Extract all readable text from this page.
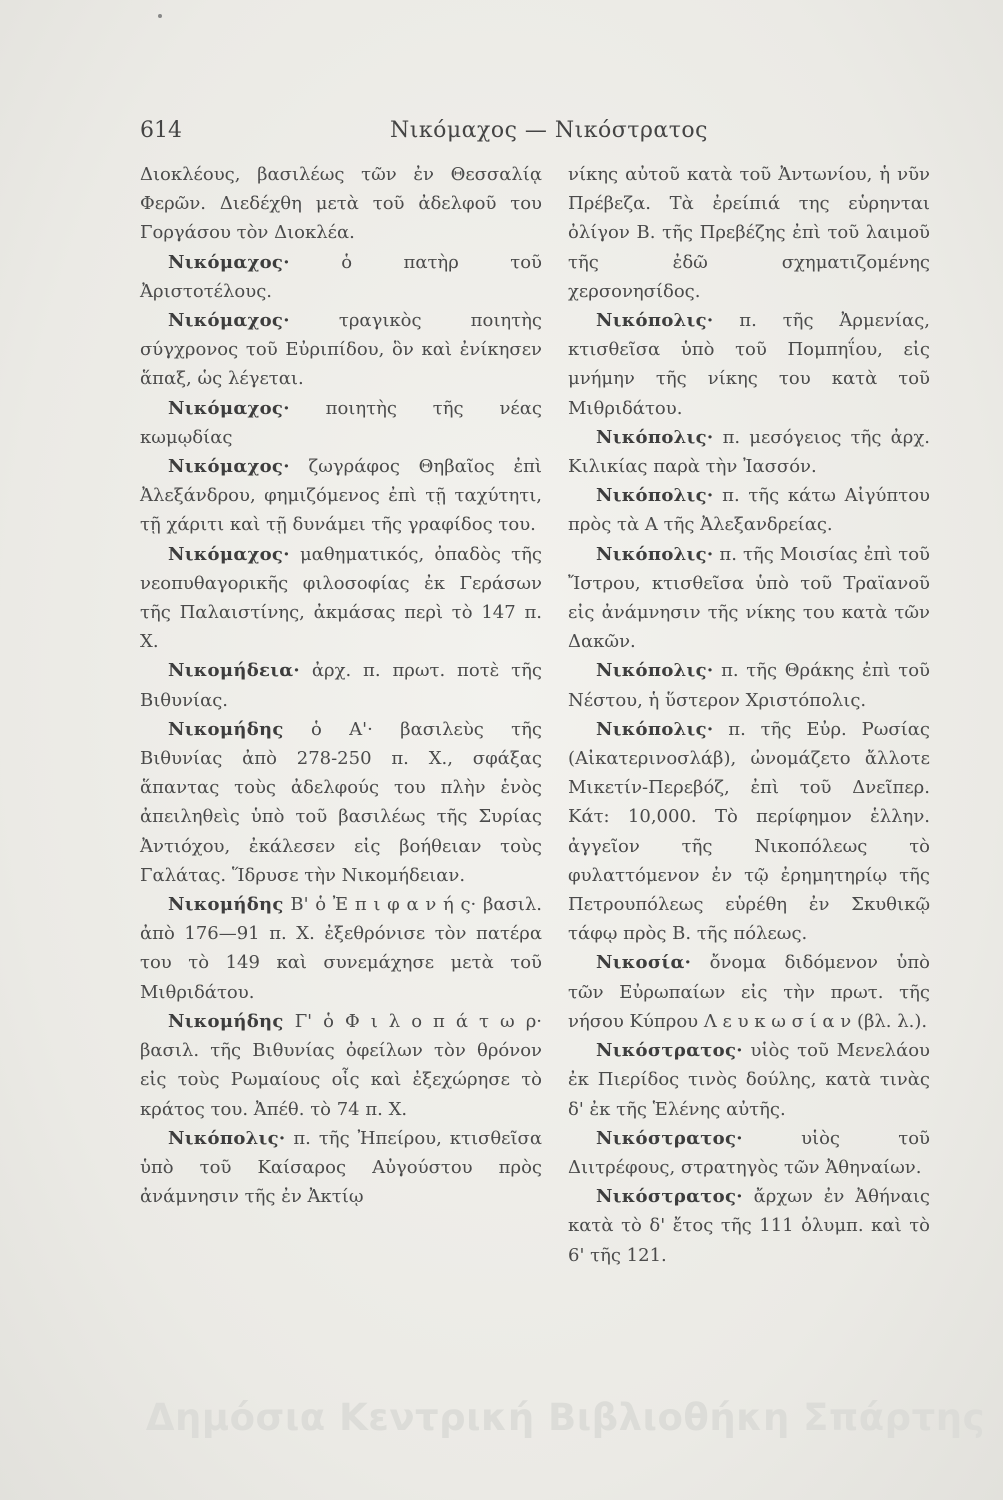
614	Νικόμαχος — Νικόστρατος

Διοκλέους, βασιλέως τῶν ἐν Θεσσαλίᾳ Φερῶν. Διεδέχθη μετὰ τοῦ ἀδελφοῦ του Γοργάσου τὸν Διοκλέα.

Νικόμαχος· ὁ πατὴρ τοῦ Ἀριστοτέλους.

Νικόμαχος· τραγικὸς ποιητὴς σύγχρονος τοῦ Εὐριπίδου, ὃν καὶ ἐνίκησεν ἅπαξ, ὡς λέγεται.

Νικόμαχος· ποιητὴς τῆς νέας κωμῳδίας

Νικόμαχος· ζωγράφος Θηβαῖος ἐπὶ Ἀλεξάνδρου, φημιζόμενος ἐπὶ τῇ ταχύτητι, τῇ χάριτι καὶ τῇ δυνάμει τῆς γραφίδος του.

Νικόμαχος· μαθηματικός, ὀπαδὸς τῆς νεοπυθαγορικῆς φιλοσοφίας ἐκ Γεράσων τῆς Παλαιστίνης, ἀκμάσας περὶ τὸ 147 π. Χ.

Νικομήδεια· ἀρχ. π. πρωτ. ποτὲ τῆς Βιθυνίας.

Νικομήδης ὁ Α'· βασιλεὺς τῆς Βιθυνίας ἀπὸ 278-250 π. Χ., σφάξας ἅπαντας τοὺς ἀδελφούς του πλὴν ἑνὸς ἀπειληθεὶς ὑπὸ τοῦ βασιλέως τῆς Συρίας Ἀντιόχου, ἐκάλεσεν εἰς βοήθειαν τοὺς Γαλάτας. Ἵδρυσε τὴν Νικομήδειαν.

Νικομήδης Β' ὁ Ἐ π ι φ α ν ή ς· βασιλ. ἀπὸ 176—91 π. Χ. ἐξεθρόνισε τὸν πατέρα του τὸ 149 καὶ συνεμάχησε μετὰ τοῦ Μιθριδάτου.

Νικομήδης Γ' ὁ Φ ι λ ο π ά τ ω ρ· βασιλ. τῆς Βιθυνίας ὀφείλων τὸν θρόνον εἰς τοὺς Ρωμαίους οἷς καὶ ἐξεχώρησε τὸ κράτος του. Ἀπέθ. τὸ 74 π. Χ.

Νικόπολις· π. τῆς Ἠπείρου, κτισθεῖσα ὑπὸ τοῦ Καίσαρος Αὐγούστου πρὸς ἀνάμνησιν τῆς ἐν Ἀκτίῳ

νίκης αὐτοῦ κατὰ τοῦ Ἀντωνίου, ἡ νῦν Πρέβεζα. Τὰ ἐρείπιά της εὑρηνται ὀλίγον Β. τῆς Πρεβέζης ἐπὶ τοῦ λαιμοῦ τῆς ἐδῶ σχηματιζομένης χερσονησίδος.

Νικόπολις· π. τῆς Ἀρμενίας, κτισθεῖσα ὑπὸ τοῦ Πομπηΐου, εἰς μνήμην τῆς νίκης του κατὰ τοῦ Μιθριδάτου.

Νικόπολις· π. μεσόγειος τῆς ἀρχ. Κιλικίας παρὰ τὴν Ἰασσόν.

Νικόπολις· π. τῆς κάτω Αἰγύπτου πρὸς τὰ Α τῆς Ἀλεξανδρείας.

Νικόπολις· π. τῆς Μοισίας ἐπὶ τοῦ Ἴστρου, κτισθεῖσα ὑπὸ τοῦ Τραϊανοῦ εἰς ἀνάμνησιν τῆς νίκης του κατὰ τῶν Δακῶν.

Νικόπολις· π. τῆς Θράκης ἐπὶ τοῦ Νέστου, ἡ ὕστερον Χριστόπολις.

Νικόπολις· π. τῆς Εὐρ. Ρωσίας (Αἰκατερινοσλάβ), ὠνομάζετο ἄλλοτε Μικετίν-Περεβόζ, ἐπὶ τοῦ Δνεῖπερ. Κάτ: 10,000. Τὸ περίφημον ἑλλην. ἀγγεῖον τῆς Νικοπόλεως τὸ φυλαττόμενον ἐν τῷ ἐρημητηρίῳ τῆς Πετρουπόλεως εὑρέθη ἐν Σκυθικῷ τάφῳ πρὸς Β. τῆς πόλεως.

Νικοσία· ὄνομα διδόμενον ὑπὸ τῶν Εὐρωπαίων εἰς τὴν πρωτ. τῆς νήσου Κύπρου Λ ε υ κ ω σ ί α ν (βλ. λ.).

Νικόστρατος· υἱὸς τοῦ Μενελάου ἐκ Πιερίδος τινὸς δούλης, κατὰ τινὰς δ' ἐκ τῆς Ἑλένης αὐτῆς.

Νικόστρατος· υἱὸς τοῦ Διιτρέφους, στρατηγὸς τῶν Ἀθηναίων.

Νικόστρατος· ἄρχων ἐν Ἀθήναις κατὰ τὸ δ' ἔτος τῆς 111 ὀλυμπ. καὶ τὸ 6' τῆς 121.

Δημόσια Κεντρική Βιβλιοθήκη Σπάρτης
